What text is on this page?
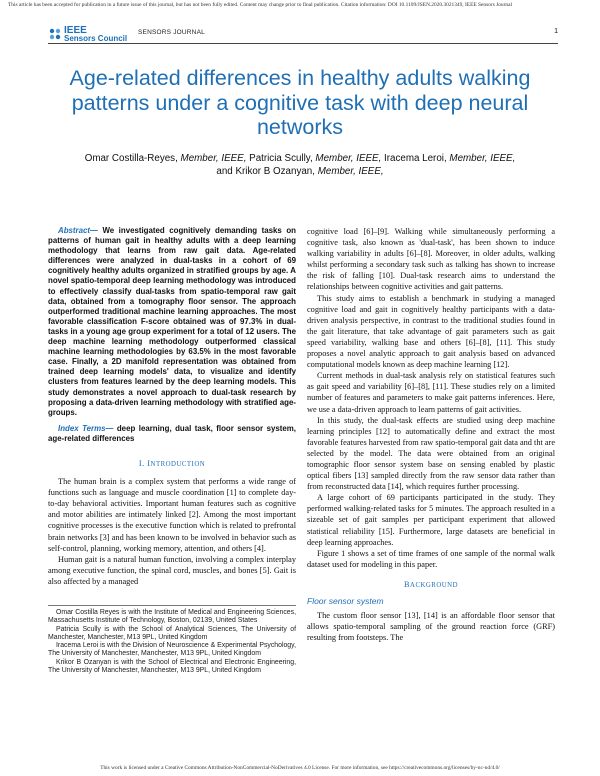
This article has been accepted for publication in a future issue of this journal, but has not been fully edited. Content may change prior to final publication. Citation information: DOI 10.1109/JSEN.2020.3021349, IEEE Sensors Journal
IEEE
Sensors Council
SENSORS JOURNAL	1
Age-related differences in healthy adults walking patterns under a cognitive task with deep neural networks
Omar Costilla-Reyes, Member, IEEE, Patricia Scully, Member, IEEE, Iracema Leroi, Member, IEEE,
and Krikor B Ozanyan, Member, IEEE,

Abstract— We investigated cognitively demanding tasks on patterns of human gait in healthy adults with a deep learning methodology that learns from raw gait data. Age-related differences were analyzed in dual-tasks in a cohort of 69 cognitively healthy adults organized in stratified groups by age. A novel spatio-temporal deep learning methodology was introduced to effectively classify dual-tasks from spatio-temporal raw gait data, obtained from a tomography floor sensor. The approach outperformed traditional machine learning approaches. The most favorable classification F-score obtained was of 97.3% in dual-tasks in a young age group experiment for a total of 12 users. The deep machine learning methodology outperformed classical machine learning methodologies by 63.5% in the most favorable case. Finally, a 2D manifold representation was obtained from trained deep learning models' data, to visualize and identify clusters from features learned by the deep learning models. This study demonstrates a novel approach to dual-task research by proposing a data-driven learning methodology with stratified age-groups.

Index Terms— deep learning, dual task, floor sensor system, age-related differences

I. INTRODUCTION

The human brain is a complex system that performs a wide range of functions such as language and muscle coordination [1] to complete day-to-day behavioral activities. Important human features such as cognitive and motor abilities are intimately linked [2]. Among the most important cognitive processes is the executive function which is related to prefrontal brain networks [3] and has been known to be involved in behavior such as self-control, planning, working memory, attention, and others [4].

Human gait is a natural human function, involving a complex interplay among executive function, the spinal cord, muscles, and bones [5]. Gait is also affected by a managed

Omar Costilla Reyes is with the Institute of Medical and Engineering Sciences, Massachusetts Institute of Technology, Boston, 02139, United States

Patricia Scully is with the School of Analytical Sciences, The University of Manchester, Manchester, M13 9PL, United Kingdom

Iracema Leroi is with the Division of Neuroscience & Experimental Psychology, The University of Manchester, Manchester, M13 9PL, United Kingdom

Krikor B Ozanyan is with the School of Electrical and Electronic Engineering, The University of Manchester, Manchester, M13 9PL, United Kingdom

cognitive load [6]–[9]. Walking while simultaneously performing a cognitive task, also known as 'dual-task', has been shown to induce walking variability in adults [6]–[8]. Moreover, in older adults, walking whilst performing a secondary task such as talking has shown to increase the risk of falling [10]. Dual-task research aims to understand the relationships between cognitive activities and gait patterns.

This study aims to establish a benchmark in studying a managed cognitive load and gait in cognitively healthy participants with a data-driven analysis perspective, in contrast to the traditional studies found in the gait literature, that take advantage of gait parameters such as gait speed variability, walking base and others [6]–[8], [11]. This study proposes a novel analytic approach to gait analysis based on advanced computational models known as deep machine learning [12].

Current methods in dual-task analysis rely on statistical features such as gait speed and variability [6]–[8], [11]. These studies rely on a limited number of features and parameters to make gait patterns inferences. Here, we use a data-driven approach to learn patterns of gait activities.

In this study, the dual-task effects are studied using deep machine learning principles [12] to automatically define and extract the most favorable features harvested from raw spatio-temporal gait data and tht are selected by the model. The data were obtained from an original tomographic floor sensor system base on sensing enabled by plastic optical fibers [13] sampled directly from the raw sensor data rather than from reconstructed data [14], which requires further processing.

A large cohort of 69 participants participated in the study. They performed walking-related tasks for 5 minutes. The approach resulted in a sizeable set of gait samples per participant experiment that allowed statistical reliability [15]. Furthermore, large datasets are beneficial in deep learning approaches.

Figure 1 shows a set of time frames of one sample of the normal walk dataset used for modeling in this paper.

BACKGROUND
Floor sensor system

The custom floor sensor [13], [14] is an affordable floor sensor that allows spatio-temporal sampling of the ground reaction force (GRF) resulting from footsteps. The

This work is licensed under a Creative Commons Attribution-NonCommercial-NoDerivatives 4.0 License. For more information, see https://creativecommons.org/licenses/by-nc-nd/4.0/
